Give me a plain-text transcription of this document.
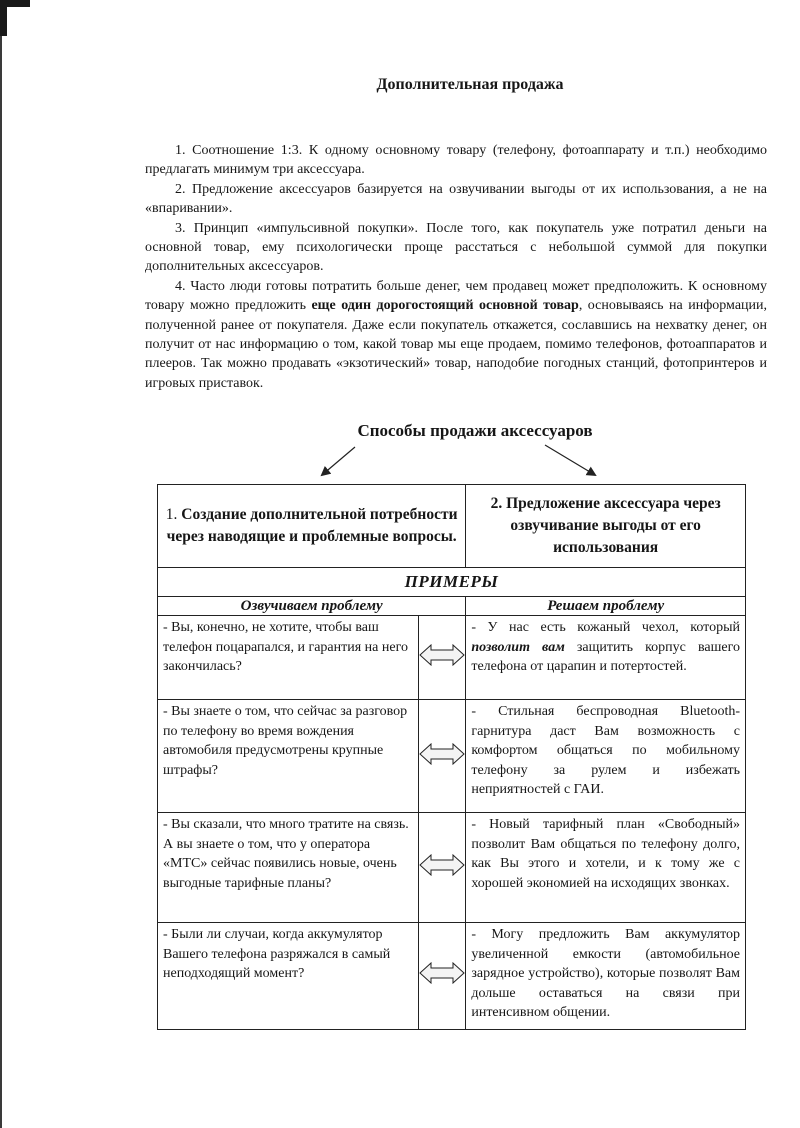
Дополнительная продажа

1. Соотношение 1:3. К одному основному товару (телефону, фотоаппарату и т.п.) необходимо предлагать минимум три аксессуара.

2. Предложение аксессуаров базируется на озвучивании выгоды от их использования, а не на «впаривании».

3. Принцип «импульсивной покупки». После того, как покупатель уже потратил деньги на основной товар, ему психологически проще расстаться с небольшой суммой для покупки дополнительных аксессуаров.

4. Часто люди готовы потратить больше денег, чем продавец может предположить. К основному товару можно предложить еще один дорогостоящий основной товар, основываясь на информации, полученной ранее от покупателя. Даже если покупатель откажется, сославшись на нехватку денег, он получит от нас информацию о том, какой товар мы еще продаем, помимо телефонов, фотоаппаратов и плееров. Так можно продавать «экзотический» товар, наподобие погодных станций, фотопринтеров и игровых приставок.

Способы продажи аксессуаров
1. Создание дополнительной потребности через наводящие и проблемные вопросы.		2. Предложение аксессуара через озвучивание выгоды от его использования
ПРИМЕРЫ		
Озвучиваем проблему		Решаем проблему
- Вы, конечно, не хотите, чтобы ваш телефон поцарапался, и гарантия на него закончилась?		- У нас есть кожаный чехол, который позволит вам защитить корпус вашего телефона от царапин и потертостей.
- Вы знаете о том, что сейчас за разговор по телефону во время вождения автомобиля предусмотрены крупные штрафы?		- Стильная беспроводная Bluetooth-гарнитура даст Вам возможность с комфортом общаться по мобильному телефону за рулем и избежать неприятностей с ГАИ.
- Вы сказали, что много тратите на связь. А вы знаете о том, что у оператора «МТС» сейчас появились новые, очень выгодные тарифные планы?		- Новый тарифный план «Свободный» позволит Вам общаться по телефону долго, как Вы этого и хотели, и к тому же с хорошей экономией на исходящих звонках.
- Были ли случаи, когда аккумулятор Вашего телефона разряжался в самый неподходящий момент?		- Могу предложить Вам аккумулятор увеличенной емкости (автомобильное зарядное устройство), которые позволят Вам дольше оставаться на связи при интенсивном общении.
